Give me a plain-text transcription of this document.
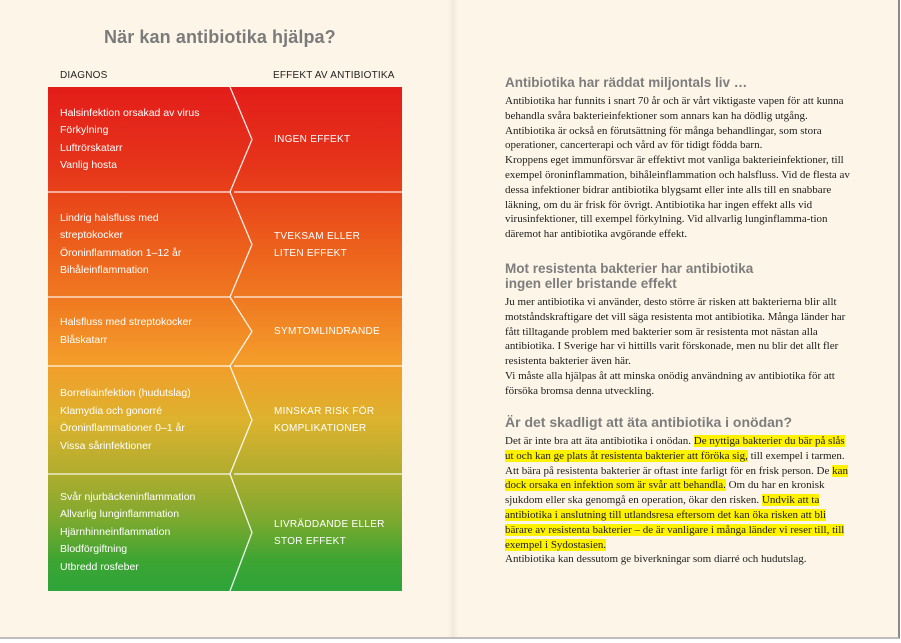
När kan antibiotika hjälpa?
DIAGNOS	EFFEKT AV ANTIBIOTIKA
Halsinfektion orsakad av virus
Förkylning
Luftrörskatarr
Vanlig hosta
INGEN EFFEKT
Lindrig halsfluss med
streptokocker
Öroninflammation 1–12 år
Bihåleinflammation
TVEKSAM ELLER
LITEN EFFEKT
Halsfluss med streptokocker
Blåskatarr
SYMTOMLINDRANDE
Borreliainfektion (hudutslag)
Klamydia och gonorré
Öroninflammationer 0–1 år
Vissa sårinfektioner
MINSKAR RISK FÖR
KOMPLIKATIONER
Svår njurbäckeninflammation
Allvarlig lunginflammation
Hjärnhinneinflammation
Blodförgiftning
Utbredd rosfeber
LIVRÄDDANDE ELLER
STOR EFFEKT
Antibiotika har räddat miljontals liv …

Antibiotika har funnits i snart 70 år och är vårt viktigaste vapen för att kunna behandla svåra bakterieinfektioner som annars kan ha dödlig utgång. Antibiotika är också en förutsättning för många behandlingar, som stora operationer, cancerterapi och vård av för tidigt födda barn.

Kroppens eget immunförsvar är effektivt mot vanliga bakterieinfektioner, till exempel öroninflammation, bihåleinflammation och halsfluss. Vid de flesta av dessa infektioner bidrar antibiotika blygsamt eller inte alls till en snabbare läkning, om du är frisk för övrigt. Antibiotika har ingen effekt alls vid virusinfektioner, till exempel förkylning. Vid allvarlig lunginflamma-tion däremot har antibiotika avgörande effekt.

Mot resistenta bakterier har antibiotika
ingen eller bristande effekt

Ju mer antibiotika vi använder, desto större är risken att bakterierna blir allt motståndskraftigare det vill säga resistenta mot antibiotika. Många länder har fått tilltagande problem med bakterier som är resistenta mot nästan alla antibiotika. I Sverige har vi hittills varit förskonade, men nu blir det allt fler resistenta bakterier även här.

Vi måste alla hjälpas åt att minska onödig användning av antibiotika för att försöka bromsa denna utveckling.

Är det skadligt att äta antibiotika i onödan?

Det är inte bra att äta antibiotika i onödan. De nyttiga bakterier du bär på slås ut och kan ge plats åt resistenta bakterier att föröka sig, till exempel i tarmen. Att bära på resistenta bakterier är oftast inte farligt för en frisk person. De kan dock orsaka en infektion som är svår att behandla. Om du har en kronisk sjukdom eller ska genomgå en operation, ökar den risken. Undvik att ta antibiotika i anslutning till utlandsresa eftersom det kan öka risken att bli bärare av resistenta bakterier – de är vanligare i många länder vi reser till, till exempel i Sydostasien.

Antibiotika kan dessutom ge biverkningar som diarré och hudutslag.
